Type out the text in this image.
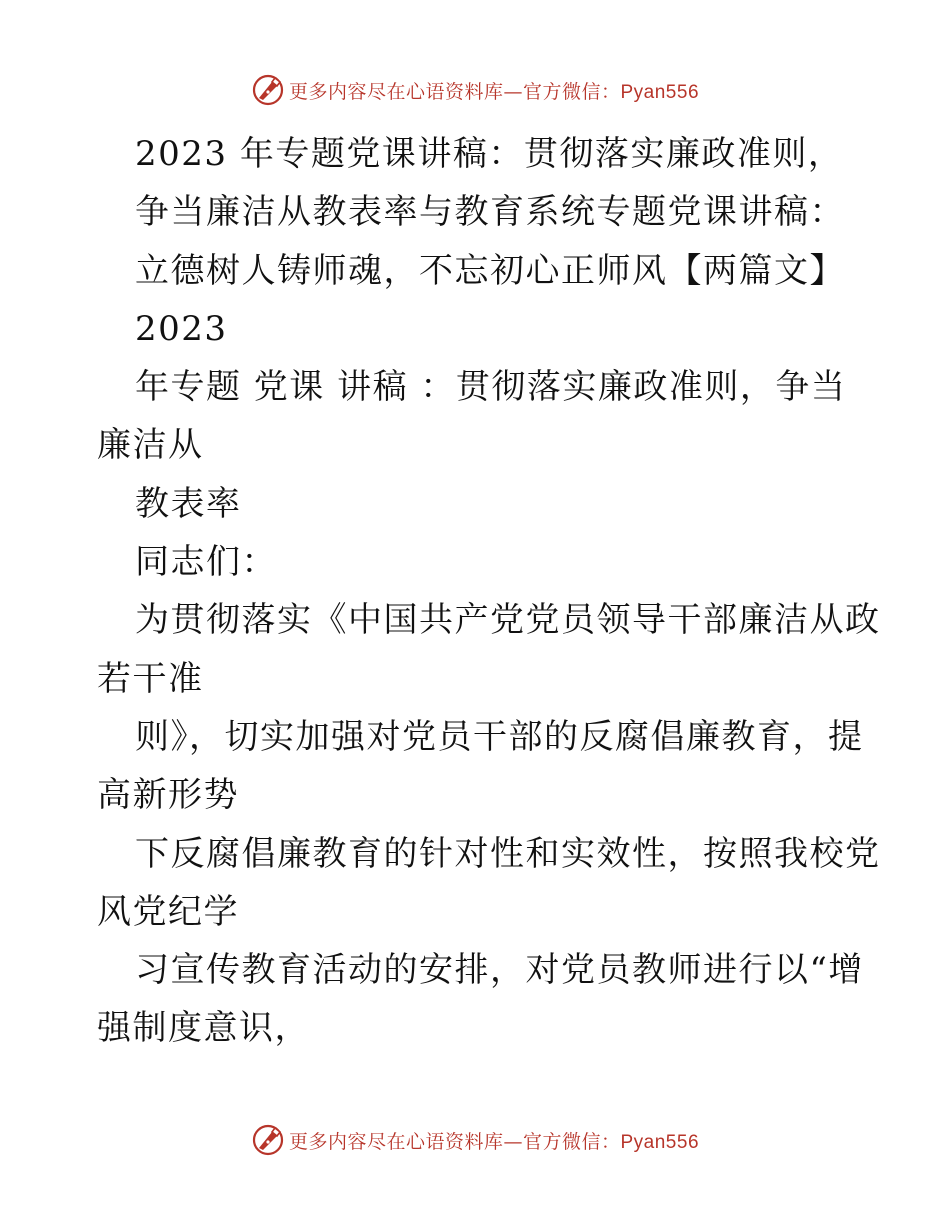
更多内容尽在心语资料库—官方微信：Pyan556
2023 年专题党课讲稿：贯彻落实廉政准则，
争当廉洁从教表率与教育系统专题党课讲稿：
立德树人铸师魂，不忘初心正师风【两篇文】
2023
年专题 党课 讲稿 ：贯彻落实廉政准则，争当
廉洁从
教表率
同志们：
为贯彻落实《中国共产党党员领导干部廉洁从政
若干准
则》，切实加强对党员干部的反腐倡廉教育，提
高新形势
下反腐倡廉教育的针对性和实效性，按照我校党
风党纪学
习宣传教育活动的安排，对党员教师进行以“增
强制度意识，
更多内容尽在心语资料库—官方微信：Pyan556
